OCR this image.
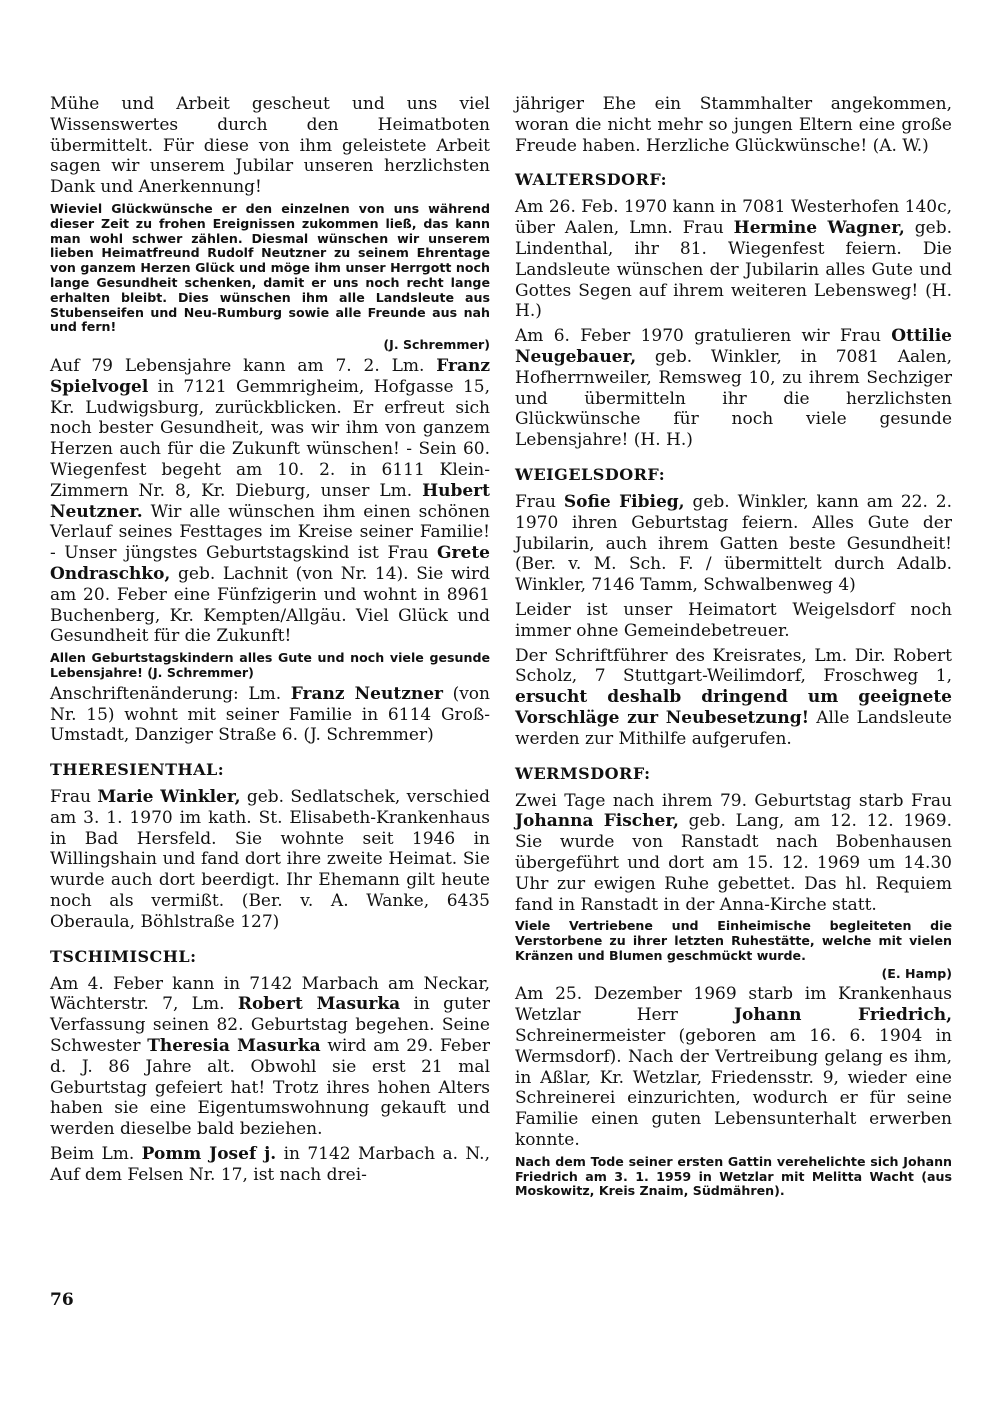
Mühe und Arbeit gescheut und uns viel Wissenswertes durch den Heimatboten übermittelt. Für diese von ihm geleistete Arbeit sagen wir unserem Jubilar unseren herzlichsten Dank und Anerkennung!

Wieviel Glückwünsche er den einzelnen von uns während dieser Zeit zu frohen Ereignissen zukommen ließ, das kann man wohl schwer zählen. Diesmal wünschen wir unserem lieben Heimatfreund Rudolf Neutzner zu seinem Ehrentage von ganzem Herzen Glück und möge ihm unser Herrgott noch lange Gesundheit schenken, damit er uns noch recht lange erhalten bleibt. Dies wünschen ihm alle Landsleute aus Stubenseifen und Neu-Rumburg sowie alle Freunde aus nah und fern!

(J. Schremmer)

Auf 79 Lebensjahre kann am 7. 2. Lm. Franz Spielvogel in 7121 Gemmrigheim, Hofgasse 15, Kr. Ludwigsburg, zurückblicken. Er erfreut sich noch bester Gesundheit, was wir ihm von ganzem Herzen auch für die Zukunft wünschen! - Sein 60. Wiegenfest begeht am 10. 2. in 6111 Klein-Zimmern Nr. 8, Kr. Dieburg, unser Lm. Hubert Neutzner. Wir alle wünschen ihm einen schönen Verlauf seines Festtages im Kreise seiner Familie! - Unser jüngstes Geburtstagskind ist Frau Grete Ondraschko, geb. Lachnit (von Nr. 14). Sie wird am 20. Feber eine Fünfzigerin und wohnt in 8961 Buchenberg, Kr. Kempten/Allgäu. Viel Glück und Gesundheit für die Zukunft!

Allen Geburtstagskindern alles Gute und noch viele gesunde Lebensjahre! (J. Schremmer)

Anschriftenänderung: Lm. Franz Neutzner (von Nr. 15) wohnt mit seiner Familie in 6114 Groß-Umstadt, Danziger Straße 6. (J. Schremmer)

THERESIENTHAL:

Frau Marie Winkler, geb. Sedlatschek, verschied am 3. 1. 1970 im kath. St. Elisabeth-Krankenhaus in Bad Hersfeld. Sie wohnte seit 1946 in Willingshain und fand dort ihre zweite Heimat. Sie wurde auch dort beerdigt. Ihr Ehemann gilt heute noch als vermißt. (Ber. v. A. Wanke, 6435 Oberaula, Böhlstraße 127)

TSCHIMISCHL:

Am 4. Feber kann in 7142 Marbach am Neckar, Wächterstr. 7, Lm. Robert Masurka in guter Verfassung seinen 82. Geburtstag begehen. Seine Schwester Theresia Masurka wird am 29. Feber d. J. 86 Jahre alt. Obwohl sie erst 21 mal Geburtstag gefeiert hat! Trotz ihres hohen Alters haben sie eine Eigentumswohnung gekauft und werden dieselbe bald beziehen.

Beim Lm. Pomm Josef j. in 7142 Marbach a. N., Auf dem Felsen Nr. 17, ist nach drei-

jähriger Ehe ein Stammhalter angekommen, woran die nicht mehr so jungen Eltern eine große Freude haben. Herzliche Glückwünsche! (A. W.)

WALTERSDORF:

Am 26. Feb. 1970 kann in 7081 Westerhofen 140c, über Aalen, Lmn. Frau Hermine Wagner, geb. Lindenthal, ihr 81. Wiegenfest feiern. Die Landsleute wünschen der Jubilarin alles Gute und Gottes Segen auf ihrem weiteren Lebensweg! (H. H.)

Am 6. Feber 1970 gratulieren wir Frau Ottilie Neugebauer, geb. Winkler, in 7081 Aalen, Hofherrnweiler, Remsweg 10, zu ihrem Sechziger und übermitteln ihr die herzlichsten Glückwünsche für noch viele gesunde Lebensjahre! (H. H.)

WEIGELSDORF:

Frau Sofie Fibieg, geb. Winkler, kann am 22. 2. 1970 ihren Geburtstag feiern. Alles Gute der Jubilarin, auch ihrem Gatten beste Gesundheit! (Ber. v. M. Sch. F. / übermittelt durch Adalb. Winkler, 7146 Tamm, Schwalbenweg 4)

Leider ist unser Heimatort Weigelsdorf noch immer ohne Gemeindebetreuer.

Der Schriftführer des Kreisrates, Lm. Dir. Robert Scholz, 7 Stuttgart-Weilimdorf, Froschweg 1, ersucht deshalb dringend um geeignete Vorschläge zur Neubesetzung! Alle Landsleute werden zur Mithilfe aufgerufen.

WERMSDORF:

Zwei Tage nach ihrem 79. Geburtstag starb Frau Johanna Fischer, geb. Lang, am 12. 12. 1969. Sie wurde von Ranstadt nach Bobenhausen übergeführt und dort am 15. 12. 1969 um 14.30 Uhr zur ewigen Ruhe gebettet. Das hl. Requiem fand in Ranstadt in der Anna-Kirche statt.

Viele Vertriebene und Einheimische begleiteten die Verstorbene zu ihrer letzten Ruhestätte, welche mit vielen Kränzen und Blumen geschmückt wurde.

(E. Hamp)

Am 25. Dezember 1969 starb im Krankenhaus Wetzlar Herr Johann Friedrich, Schreinermeister (geboren am 16. 6. 1904 in Wermsdorf). Nach der Vertreibung gelang es ihm, in Aßlar, Kr. Wetzlar, Friedensstr. 9, wieder eine Schreinerei einzurichten, wodurch er für seine Familie einen guten Lebensunterhalt erwerben konnte.

Nach dem Tode seiner ersten Gattin verehelichte sich Johann Friedrich am 3. 1. 1959 in Wetzlar mit Melitta Wacht (aus Moskowitz, Kreis Znaim, Südmähren).

76
